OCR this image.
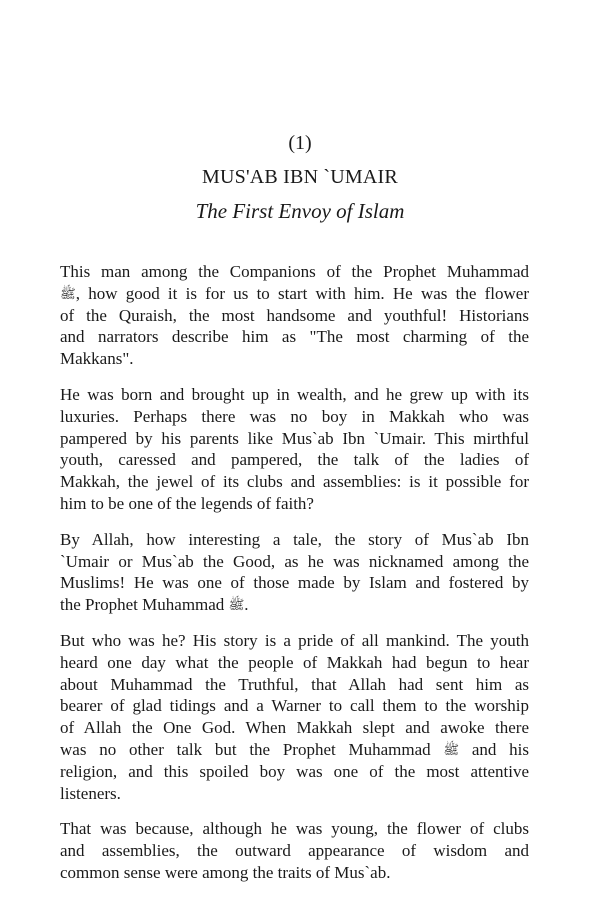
(1)
MUS'AB IBN `UMAIR
The First Envoy of Islam

This man among the Companions of the Prophet Muhammad
ﷺ, how good it is for us to start with him. He was the flower
of the Quraish, the most handsome and youthful! Historians
and narrators describe him as "The most charming of the
Makkans".

He was born and brought up in wealth, and he grew up with its
luxuries. Perhaps there was no boy in Makkah who was
pampered by his parents like Mus`ab Ibn `Umair. This mirthful
youth, caressed and pampered, the talk of the ladies of
Makkah, the jewel of its clubs and assemblies: is it possible for
him to be one of the legends of faith?

By Allah, how interesting a tale, the story of Mus`ab Ibn
`Umair or Mus`ab the Good, as he was nicknamed among the
Muslims! He was one of those made by Islam and fostered by
the Prophet Muhammad ﷺ.

But who was he? His story is a pride of all mankind. The youth
heard one day what the people of Makkah had begun to hear
about Muhammad the Truthful, that Allah had sent him as
bearer of glad tidings and a Warner to call them to the worship
of Allah the One God. When Makkah slept and awoke there
was no other talk but the Prophet Muhammad ﷺ and his
religion, and this spoiled boy was one of the most attentive
listeners.

That was because, although he was young, the flower of clubs
and assemblies, the outward appearance of wisdom and
common sense were among the traits of Mus`ab.
